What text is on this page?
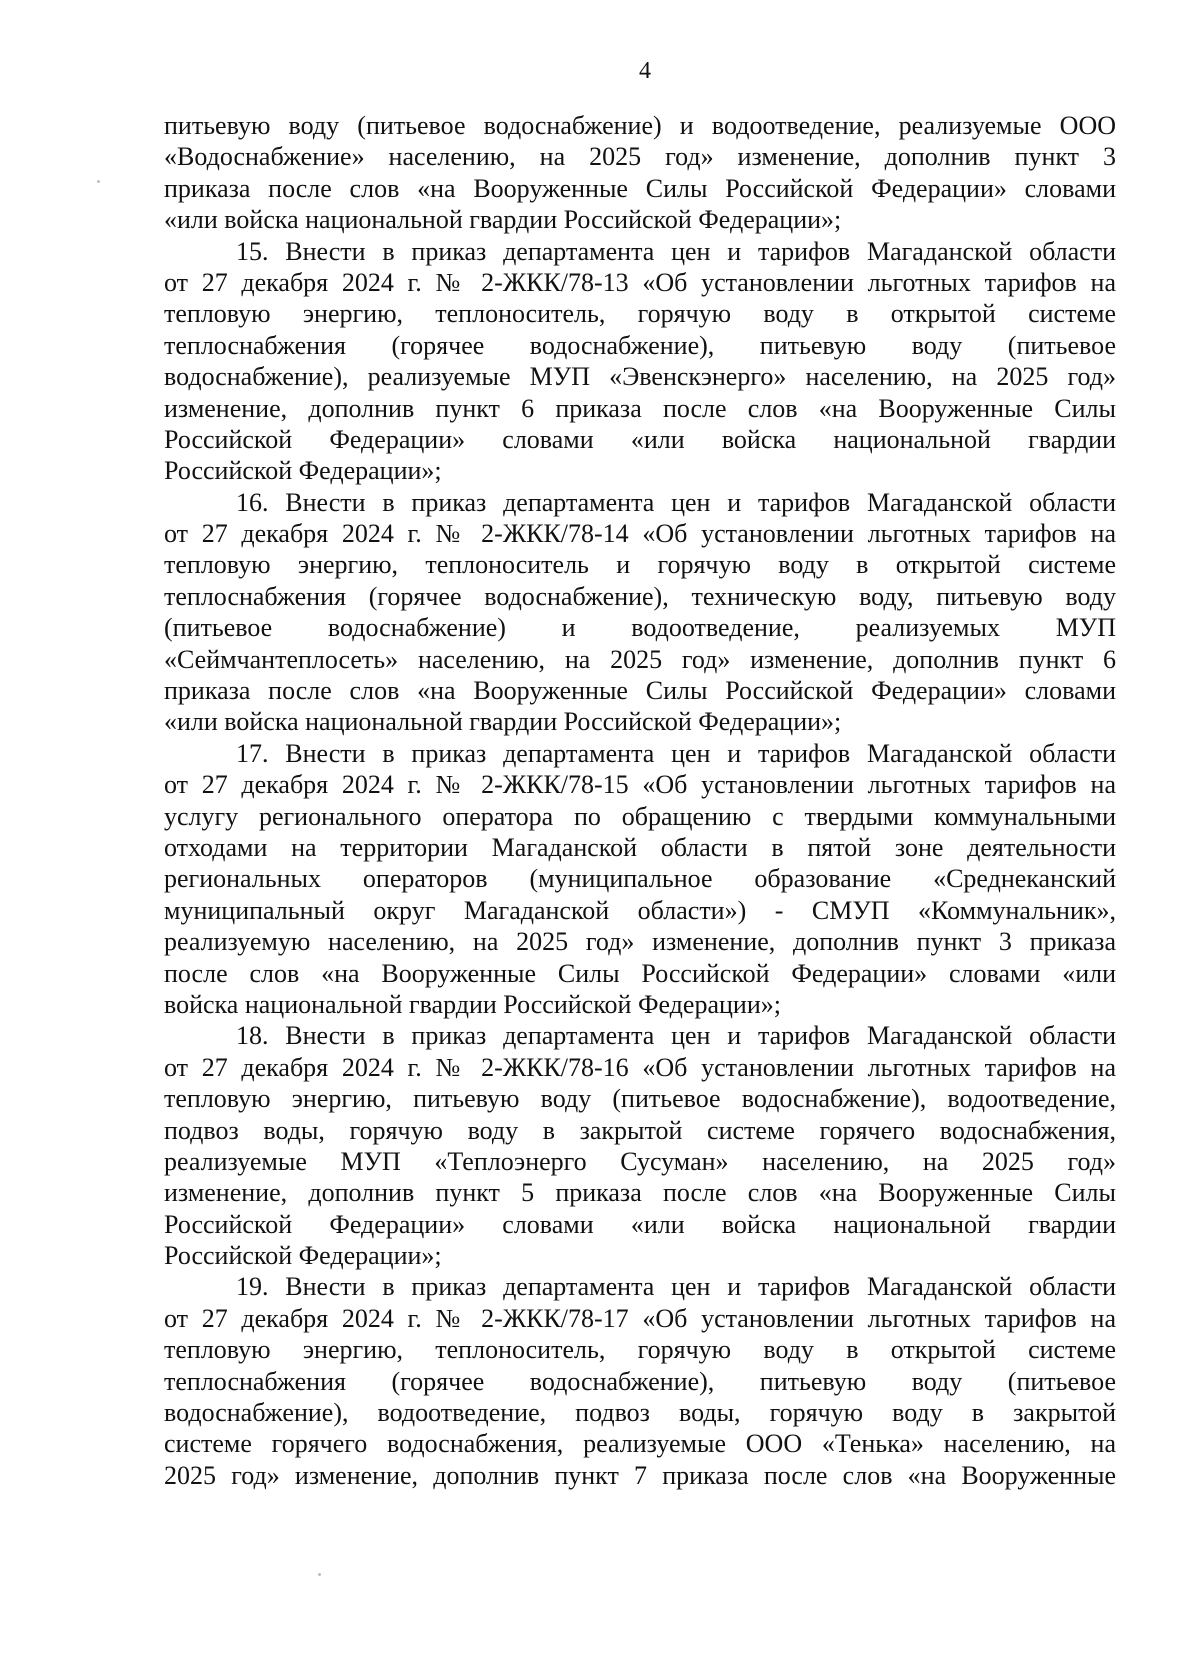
4
питьевую воду (питьевое водоснабжение) и водоотведение, реализуемые ООО
«Водоснабжение» населению, на 2025 год» изменение, дополнив пункт 3
приказа после слов «на Вооруженные Силы Российской Федерации» словами
«или войска национальной гвардии Российской Федерации»;
15. Внести в приказ департамента цен и тарифов Магаданской области
от 27 декабря 2024 г. № 2-ЖКК/78-13 «Об установлении льготных тарифов на
тепловую энергию, теплоноситель, горячую воду в открытой системе
теплоснабжения (горячее водоснабжение), питьевую воду (питьевое
водоснабжение), реализуемые МУП «Эвенскэнерго» населению, на 2025 год»
изменение, дополнив пункт 6 приказа после слов «на Вооруженные Силы
Российской Федерации» словами «или войска национальной гвардии
Российской Федерации»;
16. Внести в приказ департамента цен и тарифов Магаданской области
от 27 декабря 2024 г. № 2-ЖКК/78-14 «Об установлении льготных тарифов на
тепловую энергию, теплоноситель и горячую воду в открытой системе
теплоснабжения (горячее водоснабжение), техническую воду, питьевую воду
(питьевое водоснабжение) и водоотведение, реализуемых МУП
«Сеймчантеплосеть» населению, на 2025 год» изменение, дополнив пункт 6
приказа после слов «на Вооруженные Силы Российской Федерации» словами
«или войска национальной гвардии Российской Федерации»;
17. Внести в приказ департамента цен и тарифов Магаданской области
от 27 декабря 2024 г. № 2-ЖКК/78-15 «Об установлении льготных тарифов на
услугу регионального оператора по обращению с твердыми коммунальными
отходами на территории Магаданской области в пятой зоне деятельности
региональных операторов (муниципальное образование «Среднеканский
муниципальный округ Магаданской области») - СМУП «Коммунальник»,
реализуемую населению, на 2025 год» изменение, дополнив пункт 3 приказа
после слов «на Вооруженные Силы Российской Федерации» словами «или
войска национальной гвардии Российской Федерации»;
18. Внести в приказ департамента цен и тарифов Магаданской области
от 27 декабря 2024 г. № 2-ЖКК/78-16 «Об установлении льготных тарифов на
тепловую энергию, питьевую воду (питьевое водоснабжение), водоотведение,
подвоз воды, горячую воду в закрытой системе горячего водоснабжения,
реализуемые МУП «Теплоэнерго Сусуман» населению, на 2025 год»
изменение, дополнив пункт 5 приказа после слов «на Вооруженные Силы
Российской Федерации» словами «или войска национальной гвардии
Российской Федерации»;
19. Внести в приказ департамента цен и тарифов Магаданской области
от 27 декабря 2024 г. № 2-ЖКК/78-17 «Об установлении льготных тарифов на
тепловую энергию, теплоноситель, горячую воду в открытой системе
теплоснабжения (горячее водоснабжение), питьевую воду (питьевое
водоснабжение), водоотведение, подвоз воды, горячую воду в закрытой
системе горячего водоснабжения, реализуемые ООО «Тенька» населению, на
2025 год» изменение, дополнив пункт 7 приказа после слов «на Вооруженные
